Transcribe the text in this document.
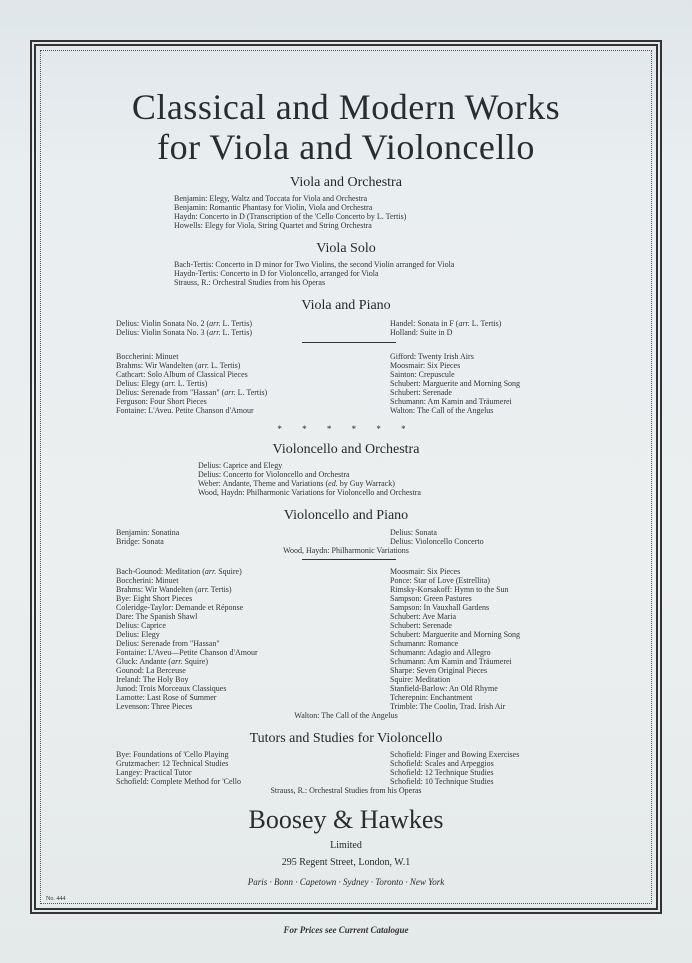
Classical and Modern Works
for Viola and Violoncello
Viola and Orchestra
Benjamin: Elegy, Waltz and Toccata for Viola and Orchestra
Benjamin: Romantic Phantasy for Violin, Viola and Orchestra
Haydn: Concerto in D (Transcription of the 'Cello Concerto by L. Tertis)
Howells: Elegy for Viola, String Quartet and String Orchestra
Viola Solo
Bach-Tertis: Concerto in D minor for Two Violins, the second Violin arranged for Viola
Haydn-Tertis: Concerto in D for Violoncello, arranged for Viola
Strauss, R.: Orchestral Studies from his Operas
Viola and Piano
Delius: Violin Sonata No. 2 (arr. L. Tertis)
Delius: Violin Sonata No. 3 (arr. L. Tertis)
Handel: Sonata in F (arr. L. Tertis)
Holland: Suite in D
Boccherini: Minuet
Brahms: Wir Wandelten (arr. L. Tertis)
Cathcart: Solo Album of Classical Pieces
Delius: Elegy (arr. L. Tertis)
Delius: Serenade from "Hassan" (arr. L. Tertis)
Ferguson: Four Short Pieces
Fontaine: L'Aveu. Petite Chanson d'Amour
Gifford: Twenty Irish Airs
Moosmair: Six Pieces
Sainton: Crepuscule
Schubert: Marguerite and Morning Song
Schubert: Serenade
Schumann: Am Kamin and Träumerei
Walton: The Call of the Angelus
* * * * * *
Violoncello and Orchestra
Delius: Caprice and Elegy
Delius: Concerto for Violoncello and Orchestra
Weber: Andante, Theme and Variations (ed. by Guy Warrack)
Wood, Haydn: Philharmonic Variations for Violoncello and Orchestra
Violoncello and Piano
Benjamin: Sonatina
Bridge: Sonata
Delius: Sonata
Delius: Violoncello Concerto
Wood, Haydn: Philharmonic Variations
Bach-Gounod: Meditation (arr. Squire)
Boccherini: Minuet
Brahms: Wir Wandelten (arr. Tertis)
Bye: Eight Short Pieces
Coleridge-Taylor: Demande et Réponse
Dare: The Spanish Shawl
Delius: Caprice
Delius: Elegy
Delius: Serenade from "Hassan"
Fontaine: L'Aveu—Petite Chanson d'Amour
Gluck: Andante (arr. Squire)
Gounod: La Berceuse
Ireland: The Holy Boy
Junod: Trois Morceaux Classiques
Lamotte: Last Rose of Summer
Levenson: Three Pieces
Moosmair: Six Pieces
Ponce: Star of Love (Estrellita)
Rimsky-Korsakoff: Hymn to the Sun
Sampson: Green Pastures
Sampson: In Vauxhall Gardens
Schubert: Ave Maria
Schubert: Serenade
Schubert: Marguerite and Morning Song
Schumann: Romance
Schumann: Adagio and Allegro
Schumann: Am Kamin and Träumerei
Sharpe: Seven Original Pieces
Squire: Meditation
Stanfield-Barlow: An Old Rhyme
Tcherepnin: Enchantment
Trimble: The Coolin, Trad. Irish Air
Walton: The Call of the Angelus
Tutors and Studies for Violoncello
Bye: Foundations of 'Cello Playing
Grutzmacher: 12 Technical Studies
Langey: Practical Tutor
Schofield: Complete Method for 'Cello
Schofield: Finger and Bowing Exercises
Schofield: Scales and Arpeggios
Schofield: 12 Technique Studies
Schofield: 10 Technique Studies
Strauss, R.: Orchestral Studies from his Operas
Boosey & Hawkes
Limited
295 Regent Street, London, W.1
Paris · Bonn · Capetown · Sydney · Toronto · New York
No. 444
For Prices see Current Catalogue
